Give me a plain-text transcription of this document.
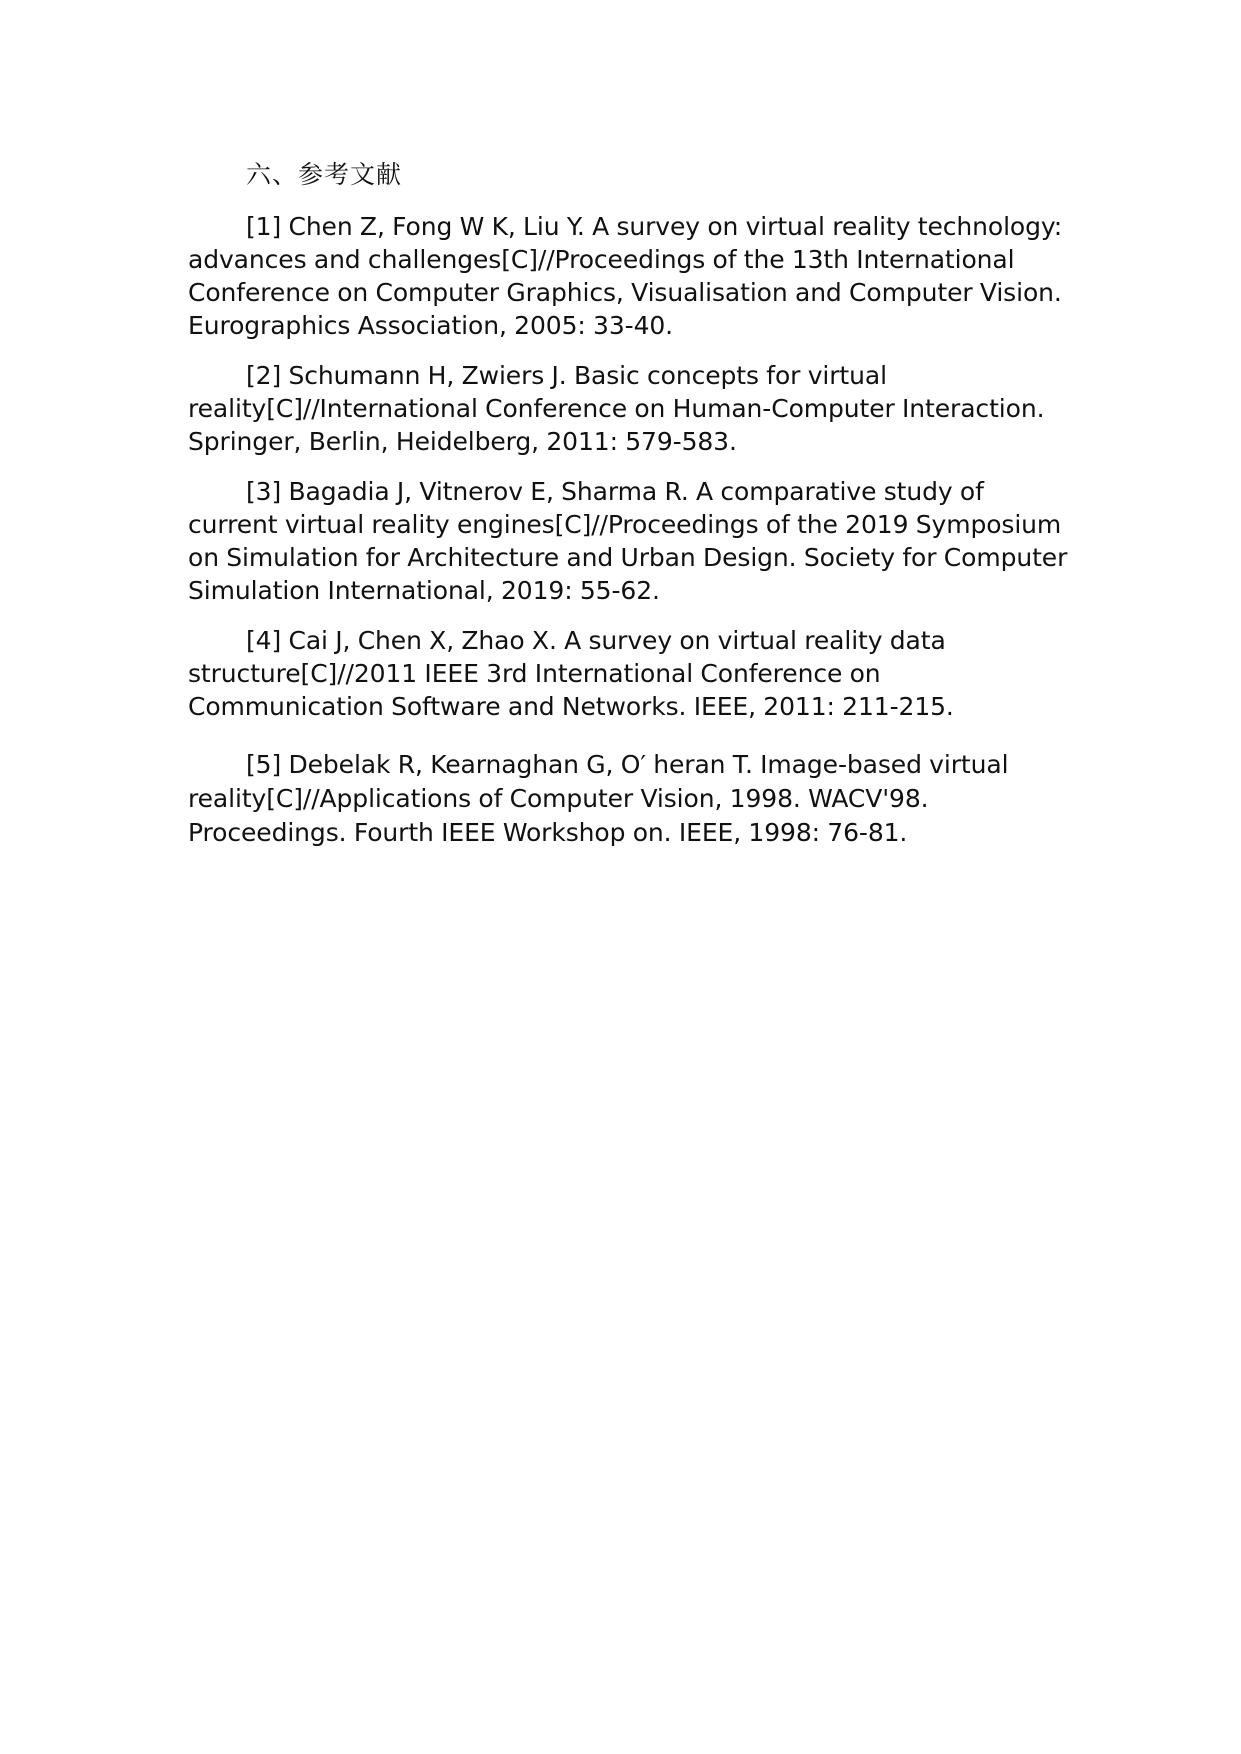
六、参考文献

[1] Chen Z, Fong W K, Liu Y. A survey on virtual reality technology: advances and challenges[C]//Proceedings of the 13th International Conference on Computer Graphics, Visualisation and Computer Vision. Eurographics Association, 2005: 33-40.

[2] Schumann H, Zwiers J. Basic concepts for virtual reality[C]//International Conference on Human-Computer Interaction. Springer, Berlin, Heidelberg, 2011: 579-583.

[3] Bagadia J, Vitnerov E, Sharma R. A comparative study of current virtual reality engines[C]//Proceedings of the 2019 Symposium on Simulation for Architecture and Urban Design. Society for Computer Simulation International, 2019: 55-62.

[4] Cai J, Chen X, Zhao X. A survey on virtual reality data structure[C]//2011 IEEE 3rd International Conference on Communication Software and Networks. IEEE, 2011: 211-215.

[5] Debelak R, Kearnaghan G, O′ heran T. Image-based virtual reality[C]//Applications of Computer Vision, 1998. WACV'98. Proceedings. Fourth IEEE Workshop on. IEEE, 1998: 76-81.
